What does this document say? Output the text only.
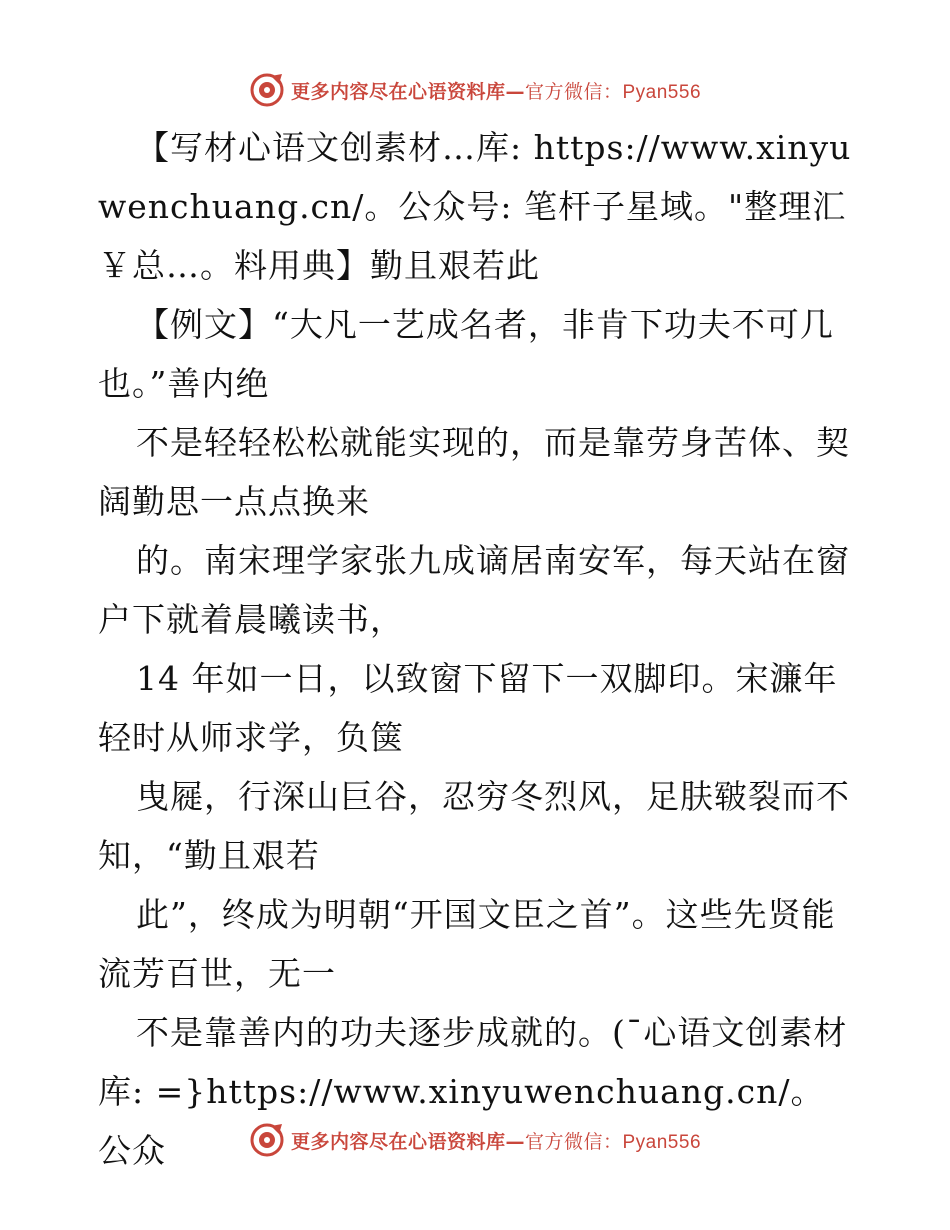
更多内容尽在心语资料库—官方微信：Pyan556

【写材心语文创素材…库: https://www.xinyuwenchuang.cn/。公众号: 笔杆子星域。"整理汇￥总…。料用典】勤且艰若此

【例文】“大凡一艺成名者，非肯下功夫不可几也。”善内绝

不是轻轻松松就能实现的，而是靠劳身苦体、契阔勤思一点点换来

的。南宋理学家张九成谪居南安军，每天站在窗户下就着晨曦读书，

14 年如一日，以致窗下留下一双脚印。宋濂年轻时从师求学，负箧

曳屣，行深山巨谷，忍穷冬烈风，足肤皲裂而不知，“勤且艰若

此”，终成为明朝“开国文臣之首”。这些先贤能流芳百世，无一

不是靠善内的功夫逐步成就的。(¯心语文创素材库: =}https://www.xinyuwenchuang.cn/。公众	更多内容尽在心语资料库—官方微信：Pyan556
